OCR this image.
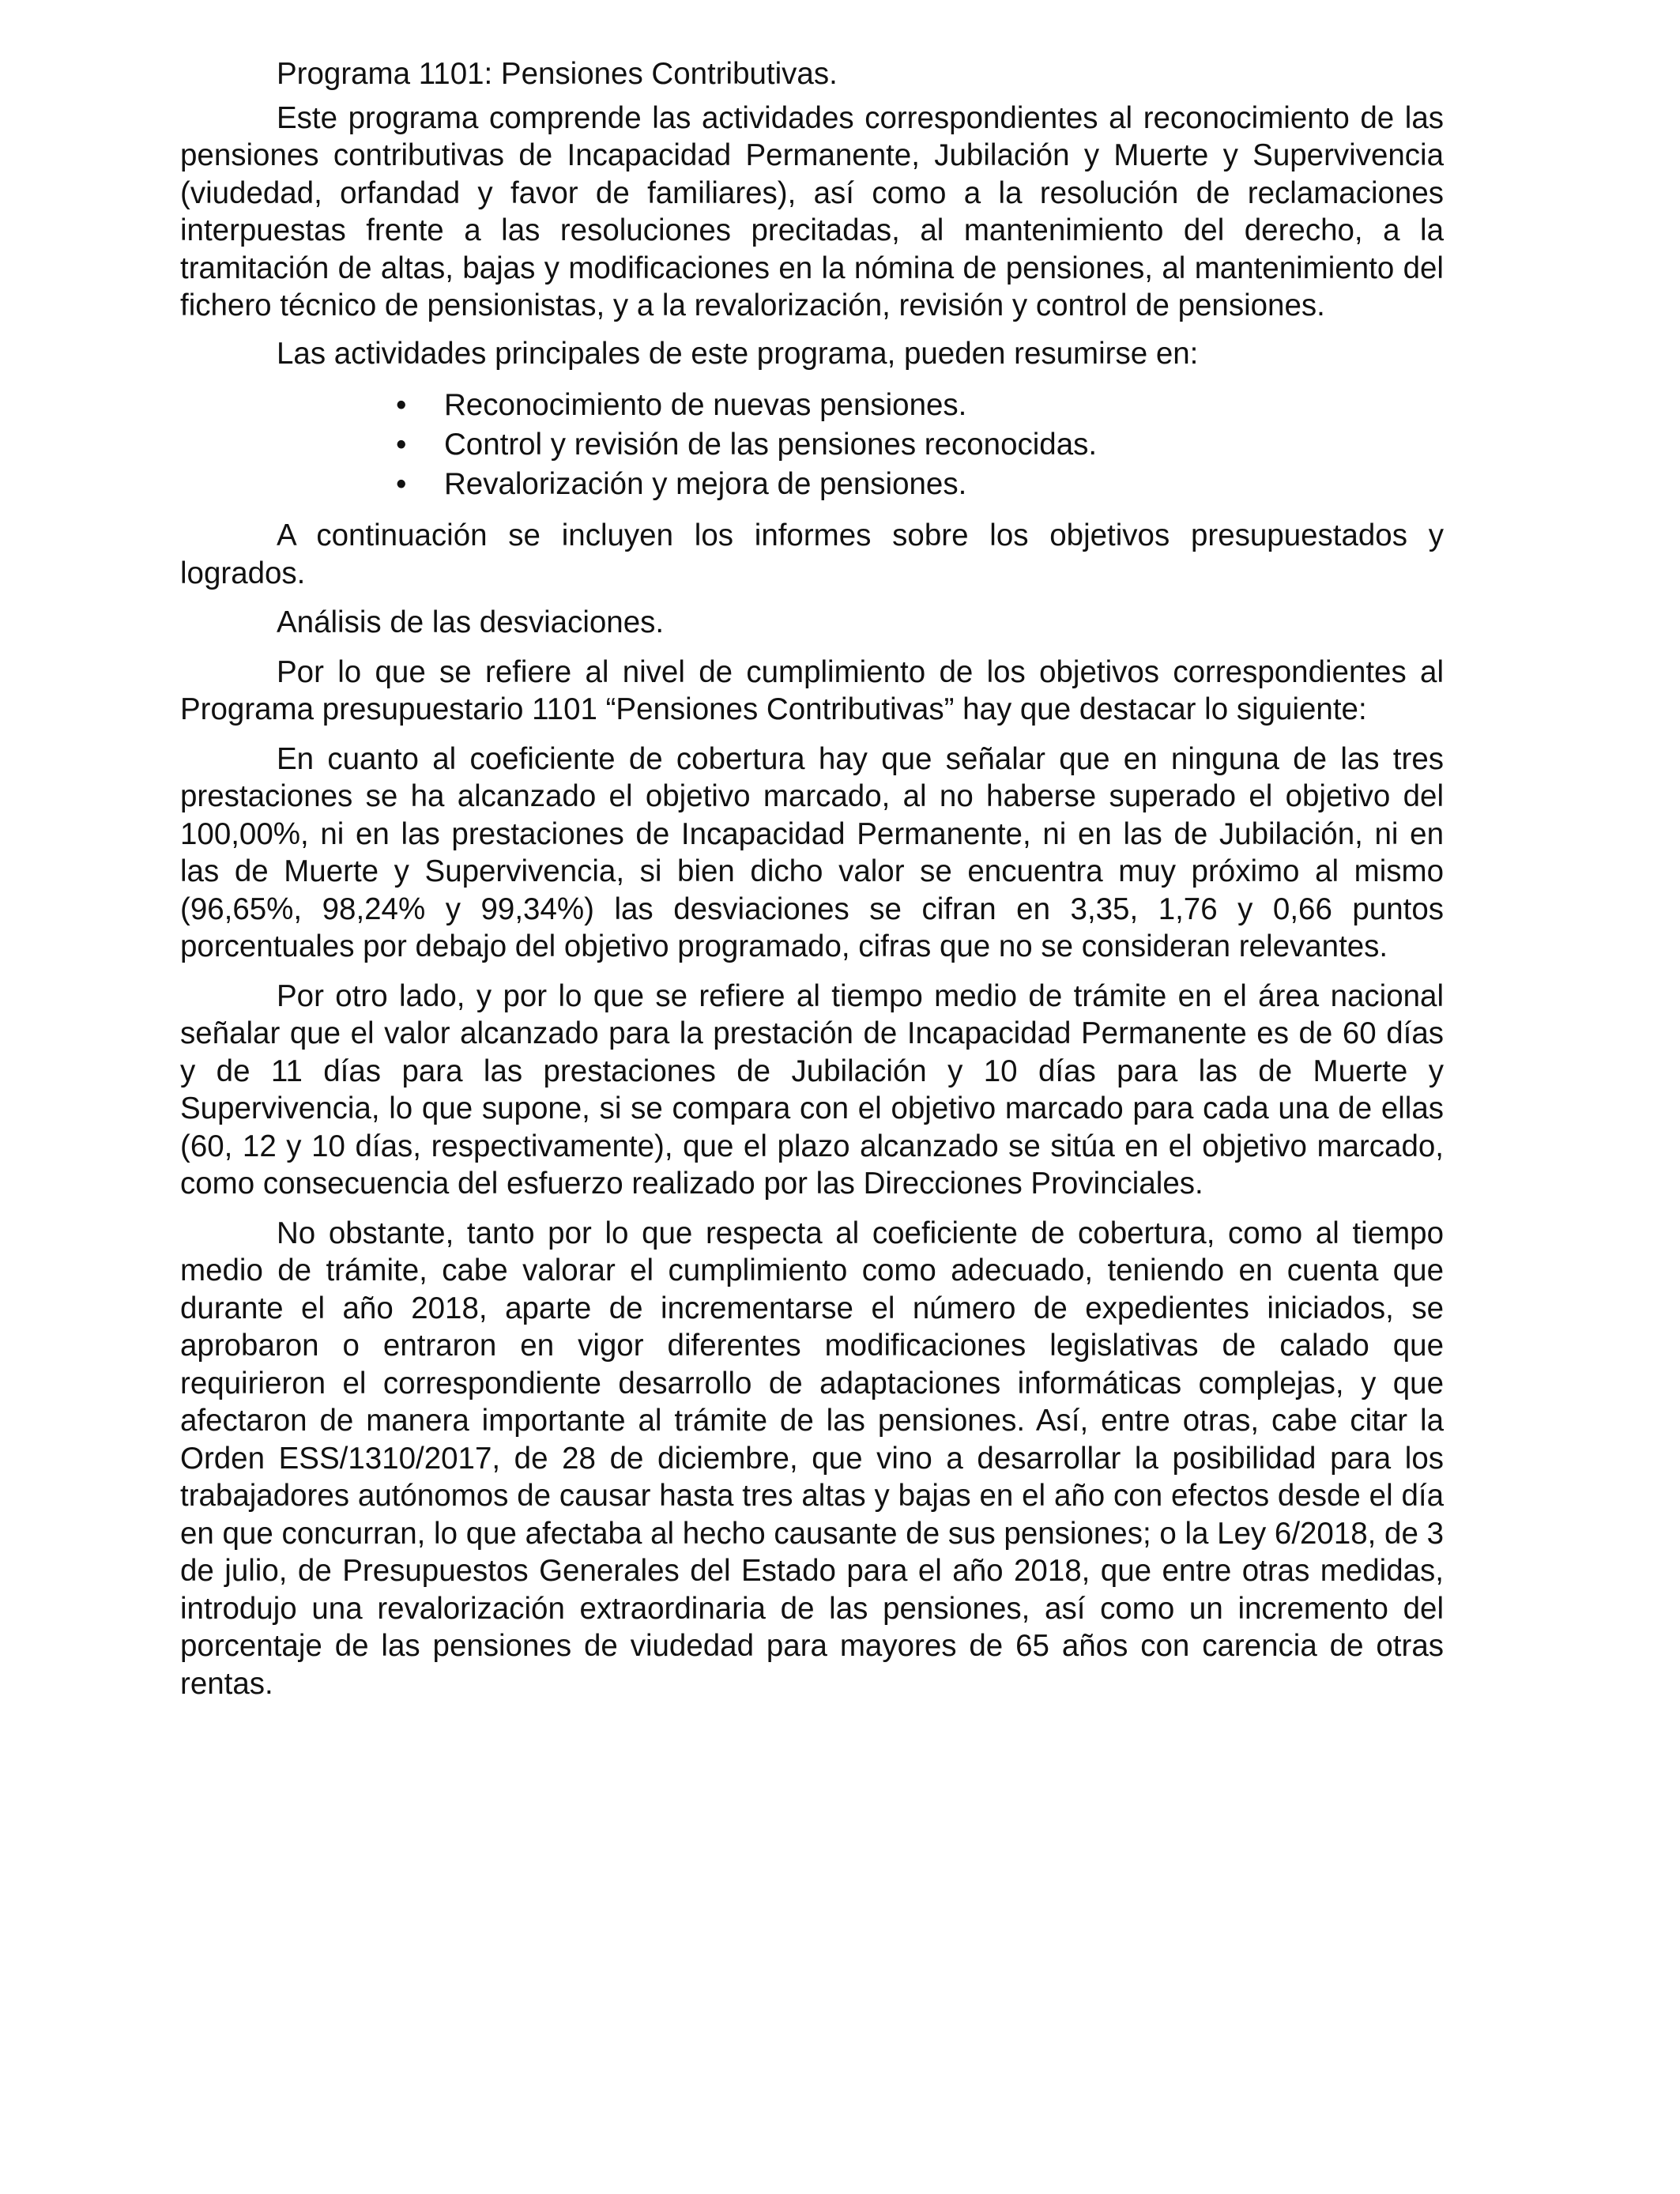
Programa 1101: Pensiones Contributivas.

Este programa comprende las actividades correspondientes al reconocimiento de las pensiones contributivas de Incapacidad Permanente, Jubilación y Muerte y Supervivencia (viudedad, orfandad y favor de familiares), así como a la resolución de reclamaciones interpuestas frente a las resoluciones precitadas, al mantenimiento del derecho, a la tramitación de altas, bajas y modificaciones en la nómina de pensiones, al mantenimiento del fichero técnico de pensionistas, y a la revalorización, revisión y control de pensiones.

Las actividades principales de este programa, pueden resumirse en:

• Reconocimiento de nuevas pensiones.
• Control y revisión de las pensiones reconocidas.
• Revalorización y mejora de pensiones.

A continuación se incluyen los informes sobre los objetivos presupuestados y logrados.

Análisis de las desviaciones.

Por lo que se refiere al nivel de cumplimiento de los objetivos correspondientes al Programa presupuestario 1101 “Pensiones Contributivas” hay que destacar lo siguiente:

En cuanto al coeficiente de cobertura hay que señalar que en ninguna de las tres prestaciones se ha alcanzado el objetivo marcado, al no haberse superado el objetivo del 100,00%, ni en las prestaciones de Incapacidad Permanente, ni en las de Jubilación, ni en las de Muerte y Supervivencia, si bien dicho valor se encuentra muy próximo al mismo (96,65%, 98,24% y 99,34%) las desviaciones se cifran en 3,35, 1,76 y 0,66 puntos porcentuales por debajo del objetivo programado, cifras que no se consideran relevantes.

Por otro lado, y por lo que se refiere al tiempo medio de trámite en el área nacional señalar que el valor alcanzado para la prestación de Incapacidad Permanente es de 60 días y de 11 días para las prestaciones de Jubilación y 10 días para las de Muerte y Supervivencia, lo que supone, si se compara con el objetivo marcado para cada una de ellas (60, 12 y 10 días, respectivamente), que el plazo alcanzado se sitúa en el objetivo marcado, como consecuencia del esfuerzo realizado por las Direcciones Provinciales.

No obstante, tanto por lo que respecta al coeficiente de cobertura, como al tiempo medio de trámite, cabe valorar el cumplimiento como adecuado, teniendo en cuenta que durante el año 2018, aparte de incrementarse el número de expedientes iniciados, se aprobaron o entraron en vigor diferentes modificaciones legislativas de calado que requirieron el correspondiente desarrollo de adaptaciones informáticas complejas, y que afectaron de manera importante al trámite de las pensiones. Así, entre otras, cabe citar la Orden ESS/1310/2017, de 28 de diciembre, que vino a desarrollar la posibilidad para los trabajadores autónomos de causar hasta tres altas y bajas en el año con efectos desde el día en que concurran, lo que afectaba al hecho causante de sus pensiones; o la Ley 6/2018, de 3 de julio, de Presupuestos Generales del Estado para el año 2018, que entre otras medidas, introdujo una revalorización extraordinaria de las pensiones, así como un incremento del porcentaje de las pensiones de viudedad para mayores de 65 años con carencia de otras rentas.
